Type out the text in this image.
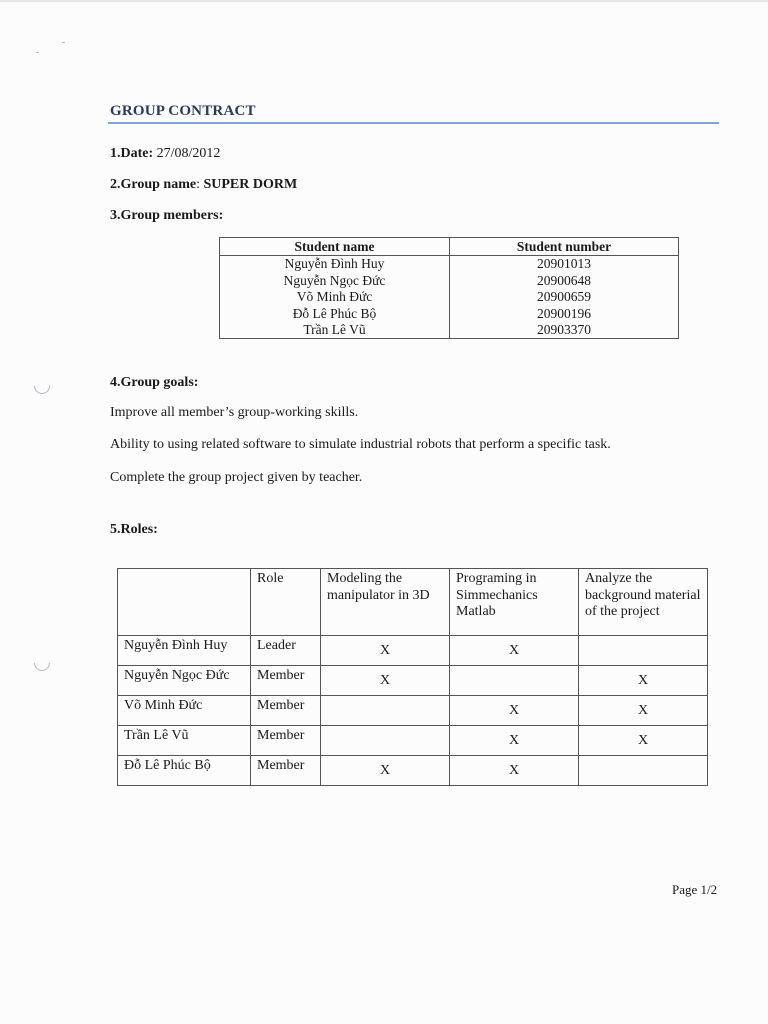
GROUP CONTRACT
1.Date: 27/08/2012
2.Group name: SUPER DORM
3.Group members:
Student name	Student number
Nguyễn Đình Huy	20901013
Nguyễn Ngọc Đức	20900648
Võ Minh Đức	20900659
Đỗ Lê Phúc Bộ	20900196
Trần Lê Vũ	20903370
4.Group goals:
Improve all member’s group-working skills.
Ability to using related software to simulate industrial robots that perform a specific task.
Complete the group project given by teacher.
5.Roles:
	Role	Modeling the manipulator in 3D	Programing in Simmechanics Matlab	Analyze the background material of the project
Nguyễn Đình Huy	Leader	X	X	
Nguyễn Ngọc Đức	Member	X		X
Võ Minh Đức	Member		X	X
Trần Lê Vũ	Member		X	X
Đỗ Lê Phúc Bộ	Member	X	X	
Page 1/2
